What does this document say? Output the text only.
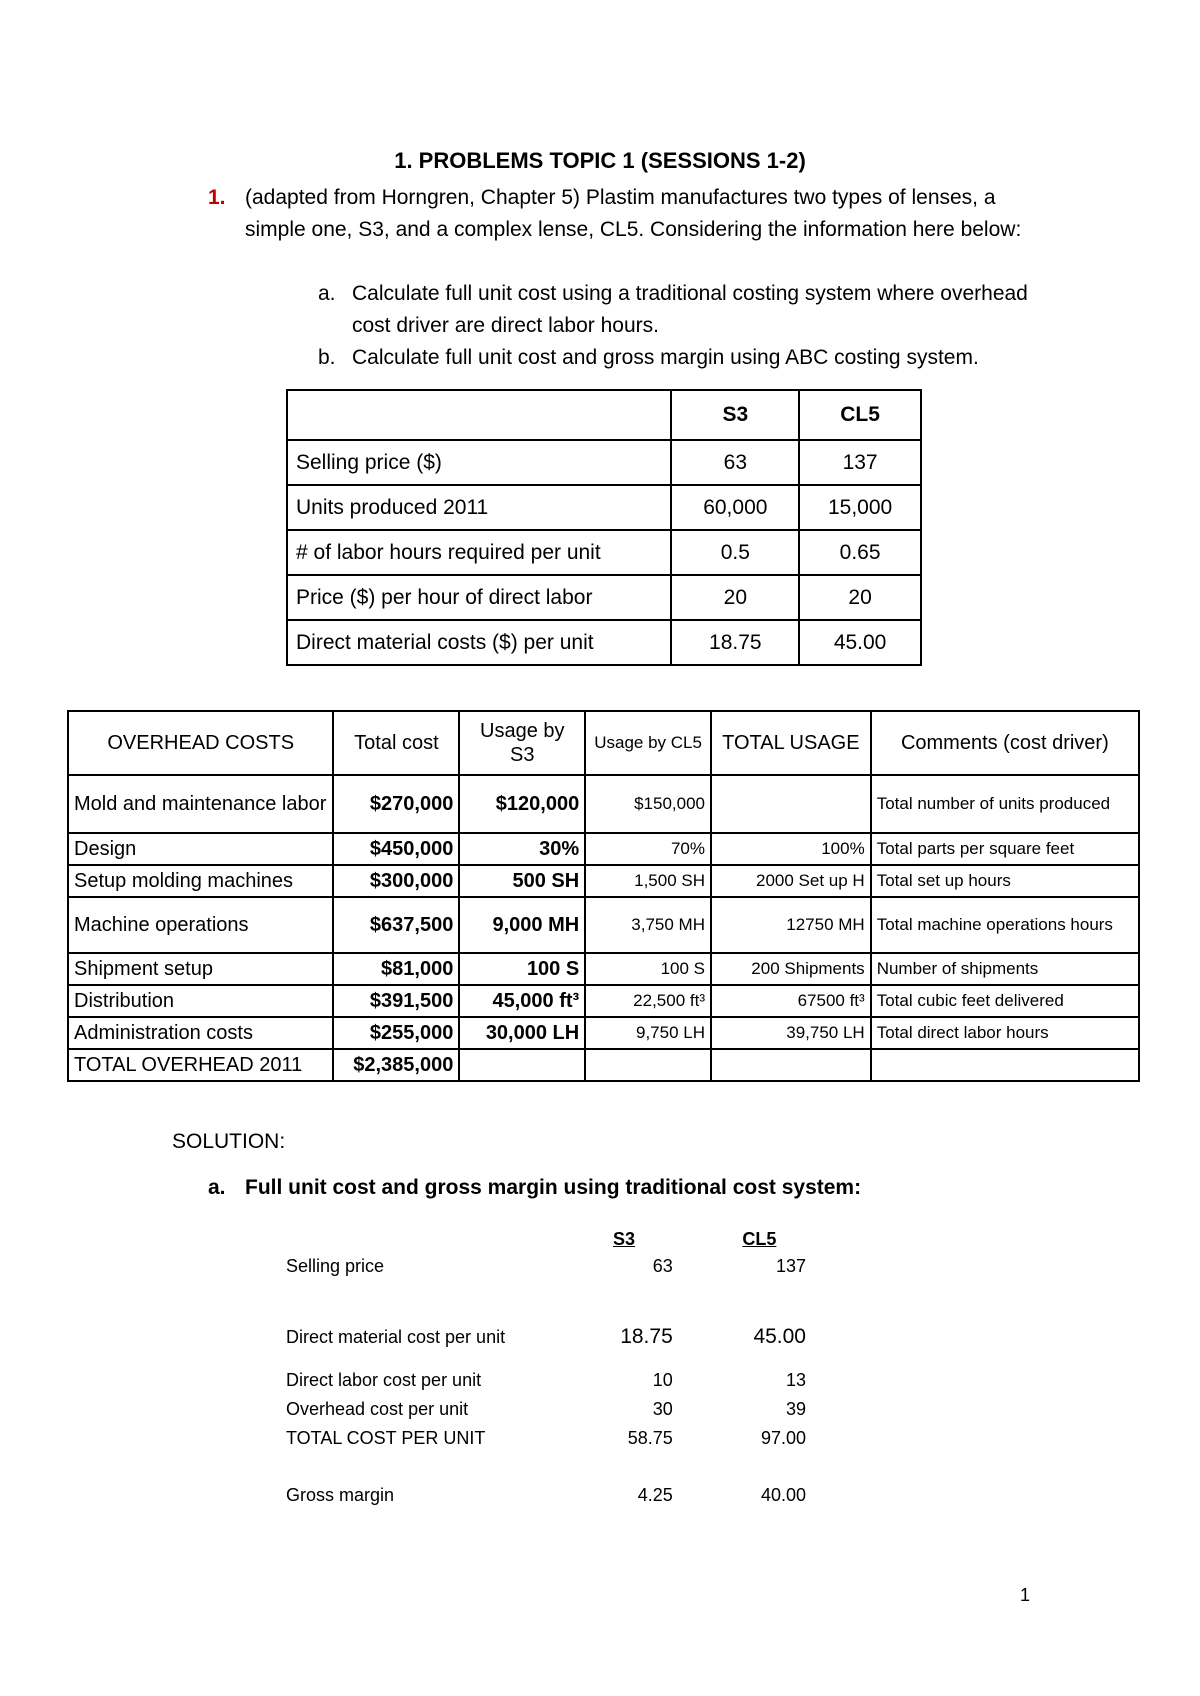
1. PROBLEMS TOPIC 1 (SESSIONS 1-2)
1. (adapted from Horngren, Chapter 5) Plastim manufactures two types of lenses, a simple one, S3, and a complex lense, CL5. Considering the information here below:
a. Calculate full unit cost using a traditional costing system where overhead cost driver are direct labor hours.
b. Calculate full unit cost and gross margin using ABC costing system.
	S3	CL5
Selling price ($)	63	137
Units produced 2011	60,000	15,000
# of labor hours required per unit	0.5	0.65
Price ($) per hour of direct labor	20	20
Direct material costs ($) per unit	18.75	45.00
OVERHEAD COSTS	Total cost	Usage by S3	Usage by CL5	TOTAL USAGE	Comments (cost driver)
Mold and maintenance labor	$270,000	$120,000	$150,000		Total number of units produced
Design	$450,000	30%	70%	100%	Total parts per square feet
Setup molding machines	$300,000	500 SH	1,500 SH	2000 Set up H	Total set up hours
Machine operations	$637,500	9,000 MH	3,750 MH	12750 MH	Total machine operations hours
Shipment setup	$81,000	100 S	100 S	200 Shipments	Number of shipments
Distribution	$391,500	45,000 ft³	22,500 ft³	67500 ft³	Total cubic feet delivered
Administration costs	$255,000	30,000 LH	9,750 LH	39,750 LH	Total direct labor hours
TOTAL OVERHEAD 2011	$2,385,000				
SOLUTION:
a. Full unit cost and gross margin using traditional cost system:
	S3	CL5
Selling price	63	137

Direct material cost per unit	18.75	45.00
Direct labor cost per unit	10	13
Overhead cost per unit	30	39
TOTAL COST PER UNIT	58.75	97.00

Gross margin	4.25	40.00
1
